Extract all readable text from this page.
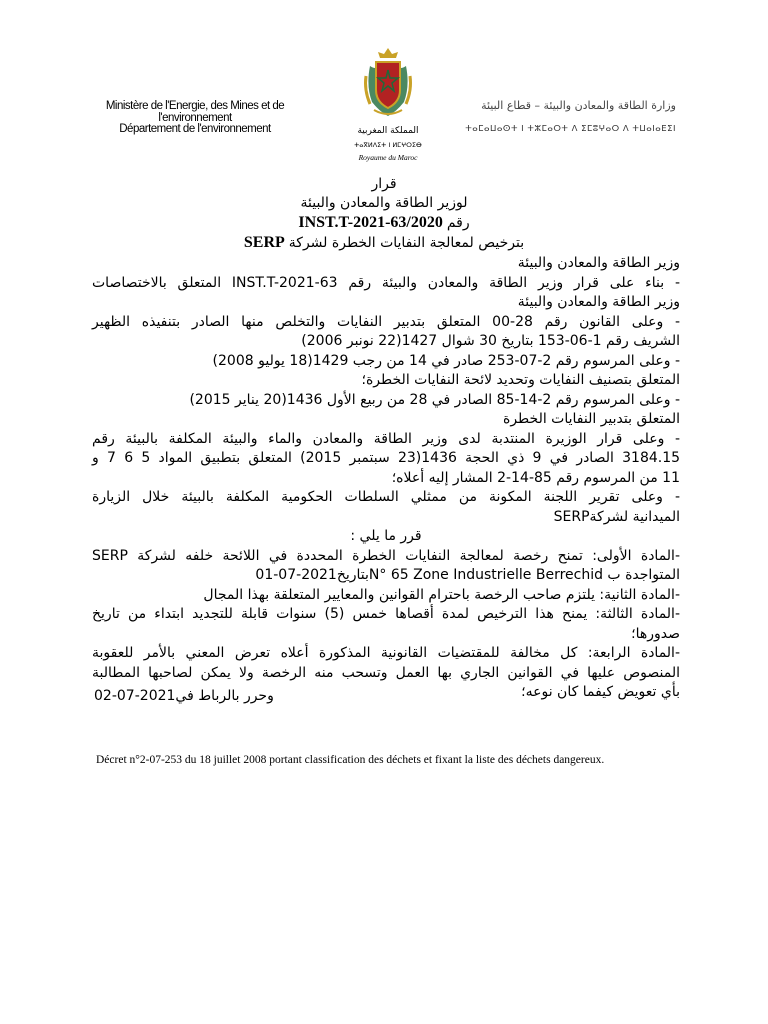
Ministère de l'Energie, des Mines et de l'environnement
Département de l'environnement
وزارة الطاقة والمعادن والبيئة – قطاع البيئة
ⵜⴰⵎⴰⵡⴰⵙⵜ ⵏ ⵜⵣⵎⴰⵔⵜ ⴷ ⵉⵎⵓⵖⴰⵔ ⴷ ⵜⵡⴰⵏⴰⴹⵉⵏ
المملكة المغربية
ⵜⴰⴳⵍⴷⵉⵜ ⵏ ⵍⵎⵖⵔⵉⴱ
Royaume du Maroc
قرار
لوزير الطاقة والمعادن والبيئة
رقم INST.T-2021-63/2020
بترخيص لمعالجة النفايات الخطرة لشركة SERP
وزير الطاقة والمعادن والبيئة
- بناء على قرار وزير الطاقة والمعادن والبيئة رقم INST.T-2021-63 المتعلق بالاختصاصات
وزير الطاقة والمعادن والبيئة
- وعلى القانون رقم 28-00 المتعلق بتدبير النفايات والتخلص منها الصادر بتنفيذه الظهير
الشريف رقم 1-06-153 بتاريخ 30 شوال 1427(22 نونبر 2006)
- وعلى المرسوم رقم 2-07-253 صادر في 14 من رجب 1429(18 يوليو 2008)
المتعلق بتصنيف النفايات وتحديد لائحة النفايات الخطرة؛
- وعلى المرسوم رقم 2-14-85 الصادر في 28 من ربيع الأول 1436(20 يناير 2015)
المتعلق بتدبير النفايات الخطرة
- وعلى قرار الوزيرة المنتدبة لدى وزير الطاقة والمعادن والماء والبيئة المكلفة بالبيئة رقم
3184.15 الصادر في 9 ذي الحجة 1436(23 سبتمبر 2015) المتعلق بتطبيق المواد 5 6 7 و
11 من المرسوم رقم 85-14-2 المشار إليه أعلاه؛
- وعلى تقرير اللجنة المكونة من ممثلي السلطات الحكومية المكلفة بالبيئة خلال الزيارة
الميدانية لشركةSERP
قرر ما يلي :
-المادة الأولى: تمنح رخصة لمعالجة النفايات الخطرة المحددة في اللائحة خلفه لشركة SERP
المتواجدة ب N° 65 Zone Industrielle Berrechidبتاريخ2021-07-01
-المادة الثانية: يلتزم صاحب الرخصة باحترام القوانين والمعايير المتعلقة بهذا المجال
-المادة الثالثة: يمنح هذا الترخيص لمدة أقصاها خمس (5) سنوات قابلة للتجديد ابتداء من تاريخ
صدورها؛
-المادة الرابعة: كل مخالفة للمقتضيات القانونية المذكورة أعلاه تعرض المعني بالأمر للعقوبة
المنصوص عليها في القوانين الجاري بها العمل وتسحب منه الرخصة ولا يمكن لصاحبها المطالبة
بأي تعويض كيفما كان نوعه؛
وحرر بالرباط في2021-07-02
Décret n°2-07-253 du 18 juillet 2008 portant classification des déchets et fixant la liste des déchets dangereux.
